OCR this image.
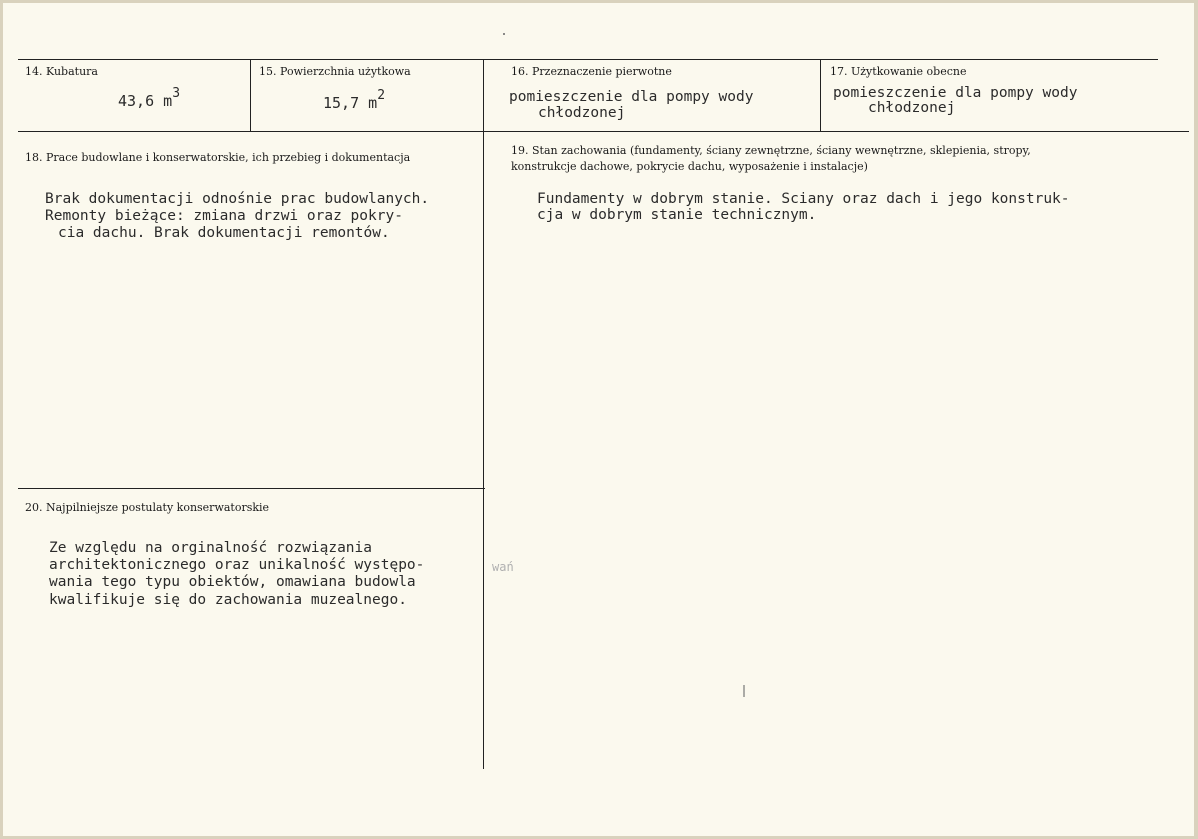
14. Kubatura
43,6 $m^3$
15. Powierzchnia użytkowa
15,7 $m^2$
16. Przeznaczenie pierwotne
pomieszczenie dla pompy wody
chłodzonej
17. Użytkowanie obecne
pomieszczenie dla pompy wody
chłodzonej
18. Prace budowlane i konserwatorskie, ich przebieg i dokumentacja
Brak dokumentacji odnośnie prac budowlanych.
Remonty bieżące: zmiana drzwi oraz pokry-
cia dachu. Brak dokumentacji remontów.
19. Stan zachowania (fundamenty, ściany zewnętrzne, ściany wewnętrzne, sklepienia, stropy,
konstrukcje dachowe, pokrycie dachu, wyposażenie i instalacje)
Fundamenty w dobrym stanie. Sciany oraz dach i jego konstruk-
cja w dobrym stanie technicznym.
20. Najpilniejsze postulaty konserwatorskie
Ze względu na orginalność rozwiązania
architektonicznego oraz unikalność występo-	wań
wania tego typu obiektów, omawiana budowla
kwalifikuje się do zachowania muzealnego.
